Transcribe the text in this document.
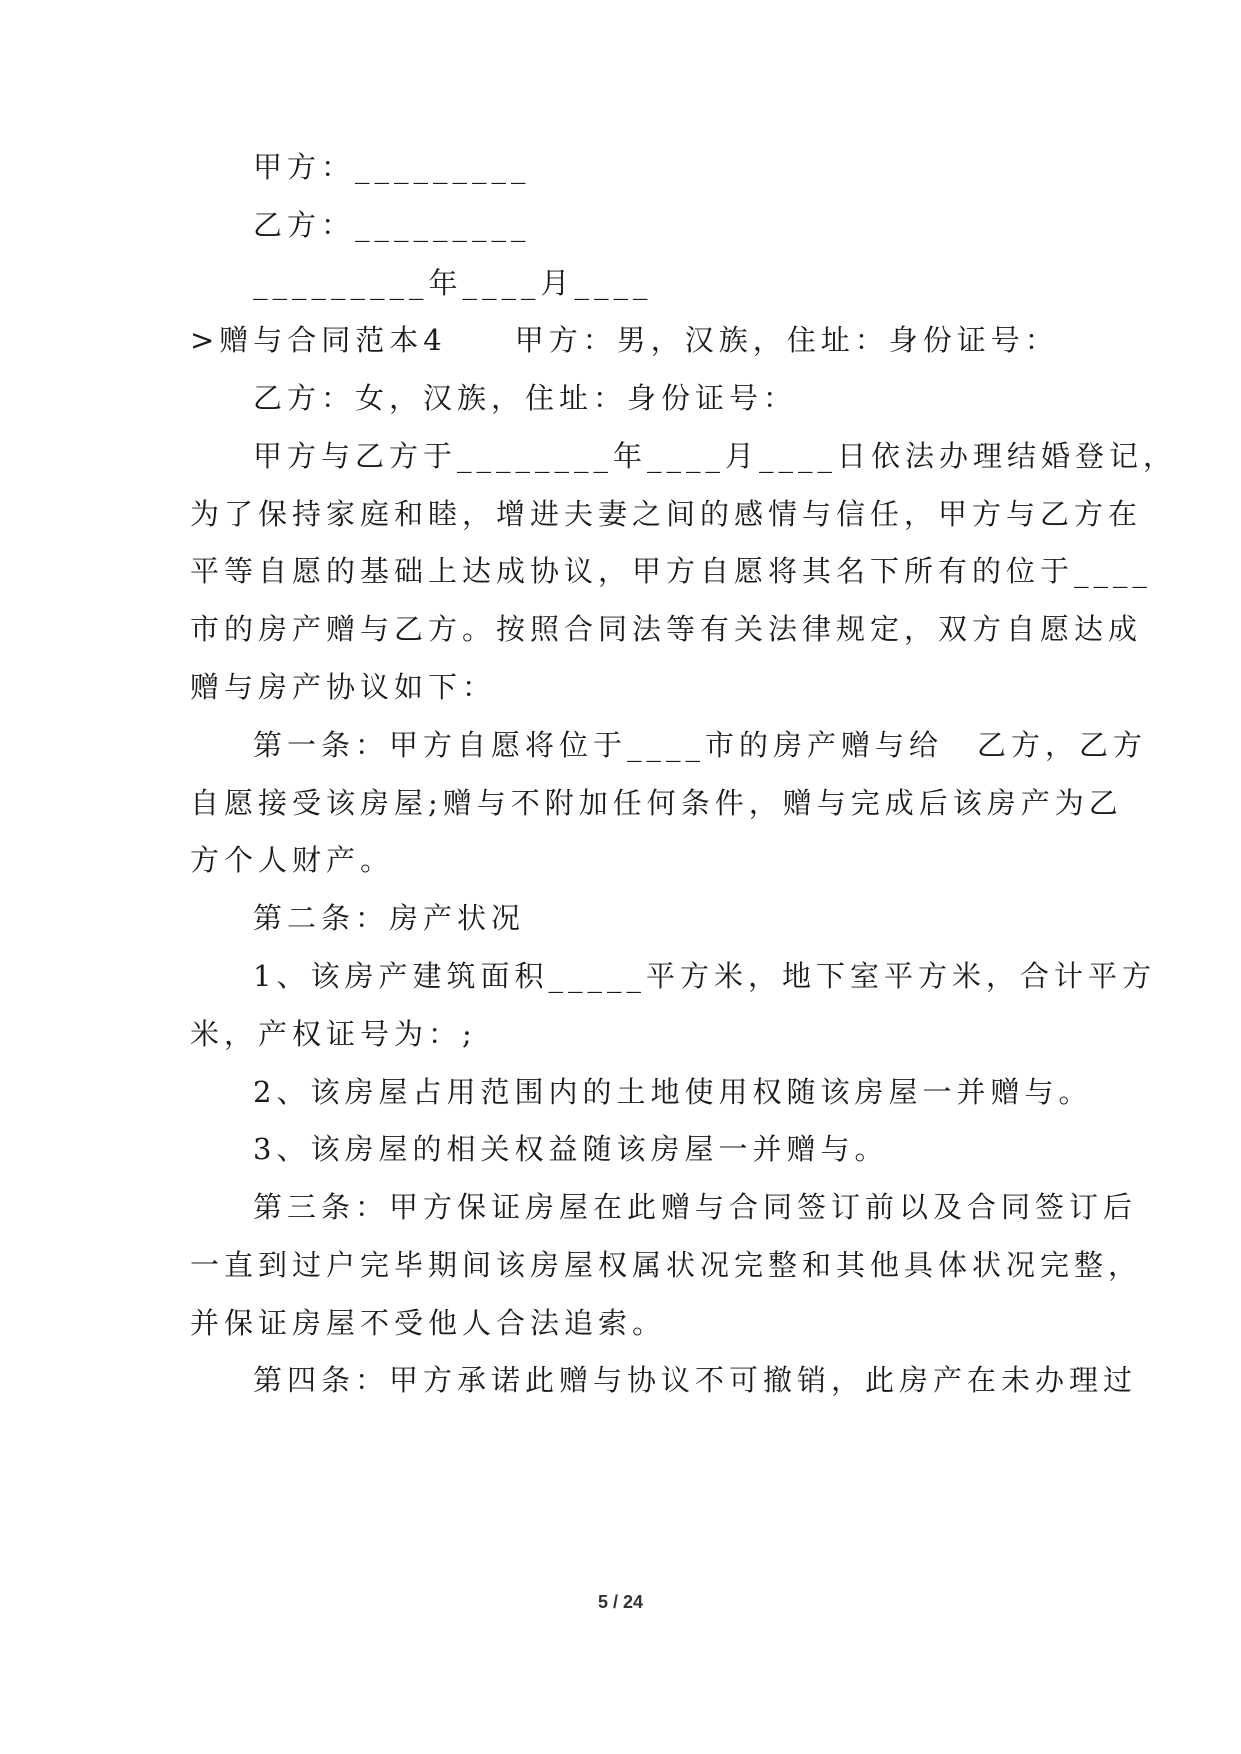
甲方：_________
乙方：_________
_________年____月____
>赠与合同范本4　　甲方：男，汉族，住址：身份证号：
乙方：女，汉族，住址：身份证号：
甲方与乙方于________年____月____日依法办理结婚登记，
为了保持家庭和睦，增进夫妻之间的感情与信任，甲方与乙方在
平等自愿的基础上达成协议，甲方自愿将其名下所有的位于____
市的房产赠与乙方。按照合同法等有关法律规定，双方自愿达成
赠与房产协议如下：
第一条：甲方自愿将位于____市的房产赠与给　乙方，乙方
自愿接受该房屋;赠与不附加任何条件，赠与完成后该房产为乙
方个人财产。
第二条：房产状况
1、该房产建筑面积_____平方米，地下室平方米，合计平方
米，产权证号为：;
2、该房屋占用范围内的土地使用权随该房屋一并赠与。
3、该房屋的相关权益随该房屋一并赠与。
第三条：甲方保证房屋在此赠与合同签订前以及合同签订后
一直到过户完毕期间该房屋权属状况完整和其他具体状况完整，
并保证房屋不受他人合法追索。
第四条：甲方承诺此赠与协议不可撤销，此房产在未办理过
5 / 24
